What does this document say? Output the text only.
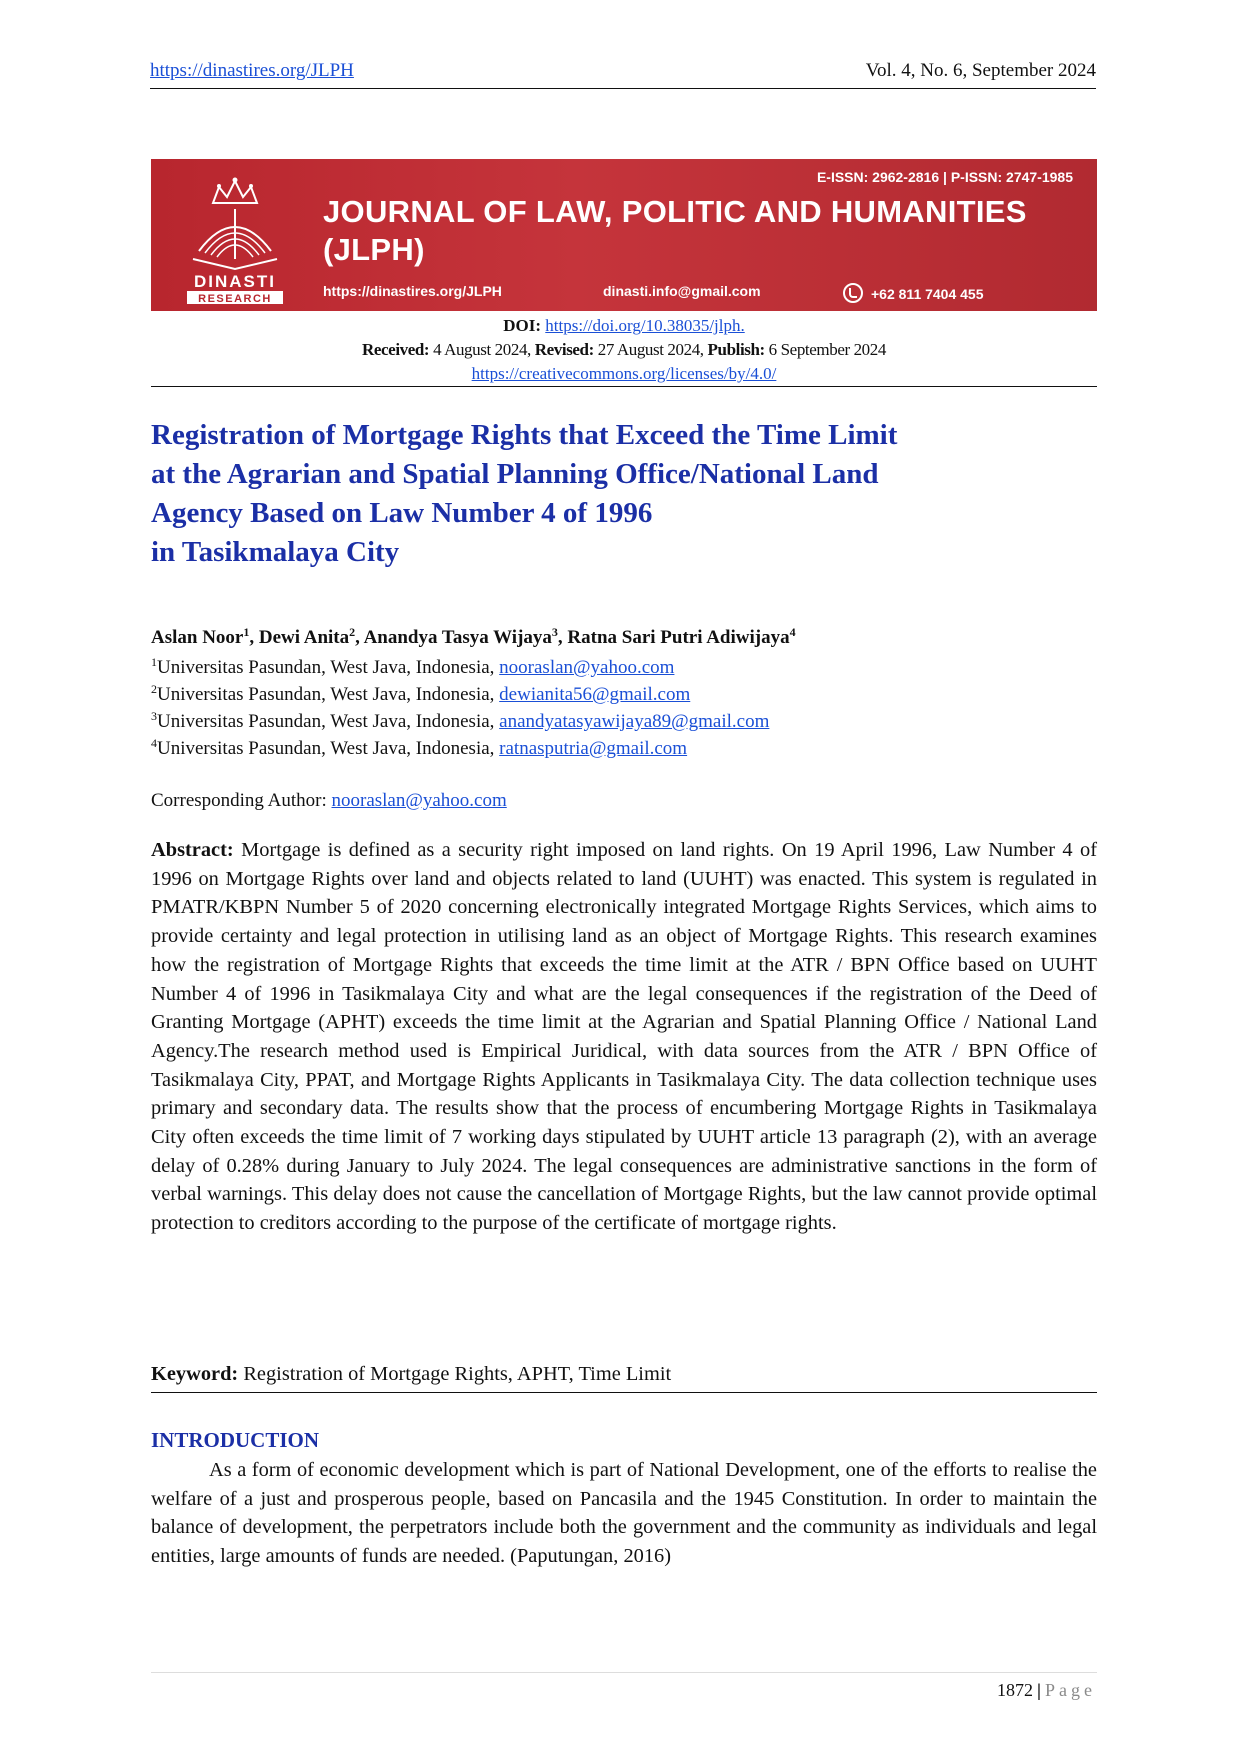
https://dinastires.org/JLPH	Vol. 4, No. 6, September 2024
DINASTI
RESEARCH
E-ISSN: 2962-2816 | P-ISSN: 2747-1985
JOURNAL OF LAW, POLITIC AND HUMANITIES
(JLPH)
https://dinastires.org/JLPH	dinasti.info@gmail.com	+62 811 7404 455
DOI: https://doi.org/10.38035/jlph.
Received: 4 August 2024, Revised: 27 August 2024, Publish: 6 September 2024
https://creativecommons.org/licenses/by/4.0/
Registration of Mortgage Rights that Exceed the Time Limit
at the Agrarian and Spatial Planning Office/National Land
Agency Based on Law Number 4 of 1996
in Tasikmalaya City
Aslan Noor$^1$, Dewi Anita$^2$, Anandya Tasya Wijaya$^3$, Ratna Sari Putri Adiwijaya$^4$
$^1$Universitas Pasundan, West Java, Indonesia, nooraslan@yahoo.com
$^2$Universitas Pasundan, West Java, Indonesia, dewianita56@gmail.com
$^3$Universitas Pasundan, West Java, Indonesia, anandyatasyawijaya89@gmail.com
$^4$Universitas Pasundan, West Java, Indonesia, ratnasputria@gmail.com
Corresponding Author: nooraslan@yahoo.com
Abstract: Mortgage is defined as a security right imposed on land rights. On 19 April 1996, Law Number 4 of 1996 on Mortgage Rights over land and objects related to land (UUHT) was enacted. This system is regulated in PMATR/KBPN Number 5 of 2020 concerning electronically integrated Mortgage Rights Services, which aims to provide certainty and legal protection in utilising land as an object of Mortgage Rights. This research examines how the registration of Mortgage Rights that exceeds the time limit at the ATR / BPN Office based on UUHT Number 4 of 1996 in Tasikmalaya City and what are the legal consequences if the registration of the Deed of Granting Mortgage (APHT) exceeds the time limit at the Agrarian and Spatial Planning Office / National Land Agency.The research method used is Empirical Juridical, with data sources from the ATR / BPN Office of Tasikmalaya City, PPAT, and Mortgage Rights Applicants in Tasikmalaya City. The data collection technique uses primary and secondary data. The results show that the process of encumbering Mortgage Rights in Tasikmalaya City often exceeds the time limit of 7 working days stipulated by UUHT article 13 paragraph (2), with an average delay of 0.28% during January to July 2024. The legal consequences are administrative sanctions in the form of verbal warnings. This delay does not cause the cancellation of Mortgage Rights, but the law cannot provide optimal protection to creditors according to the purpose of the certificate of mortgage rights.
Keyword: Registration of Mortgage Rights, APHT, Time Limit
INTRODUCTION
As a form of economic development which is part of National Development, one of the efforts to realise the welfare of a just and prosperous people, based on Pancasila and the 1945 Constitution. In order to maintain the balance of development, the perpetrators include both the government and the community as individuals and legal entities, large amounts of funds are needed. (Paputungan, 2016)
1872 | Page
